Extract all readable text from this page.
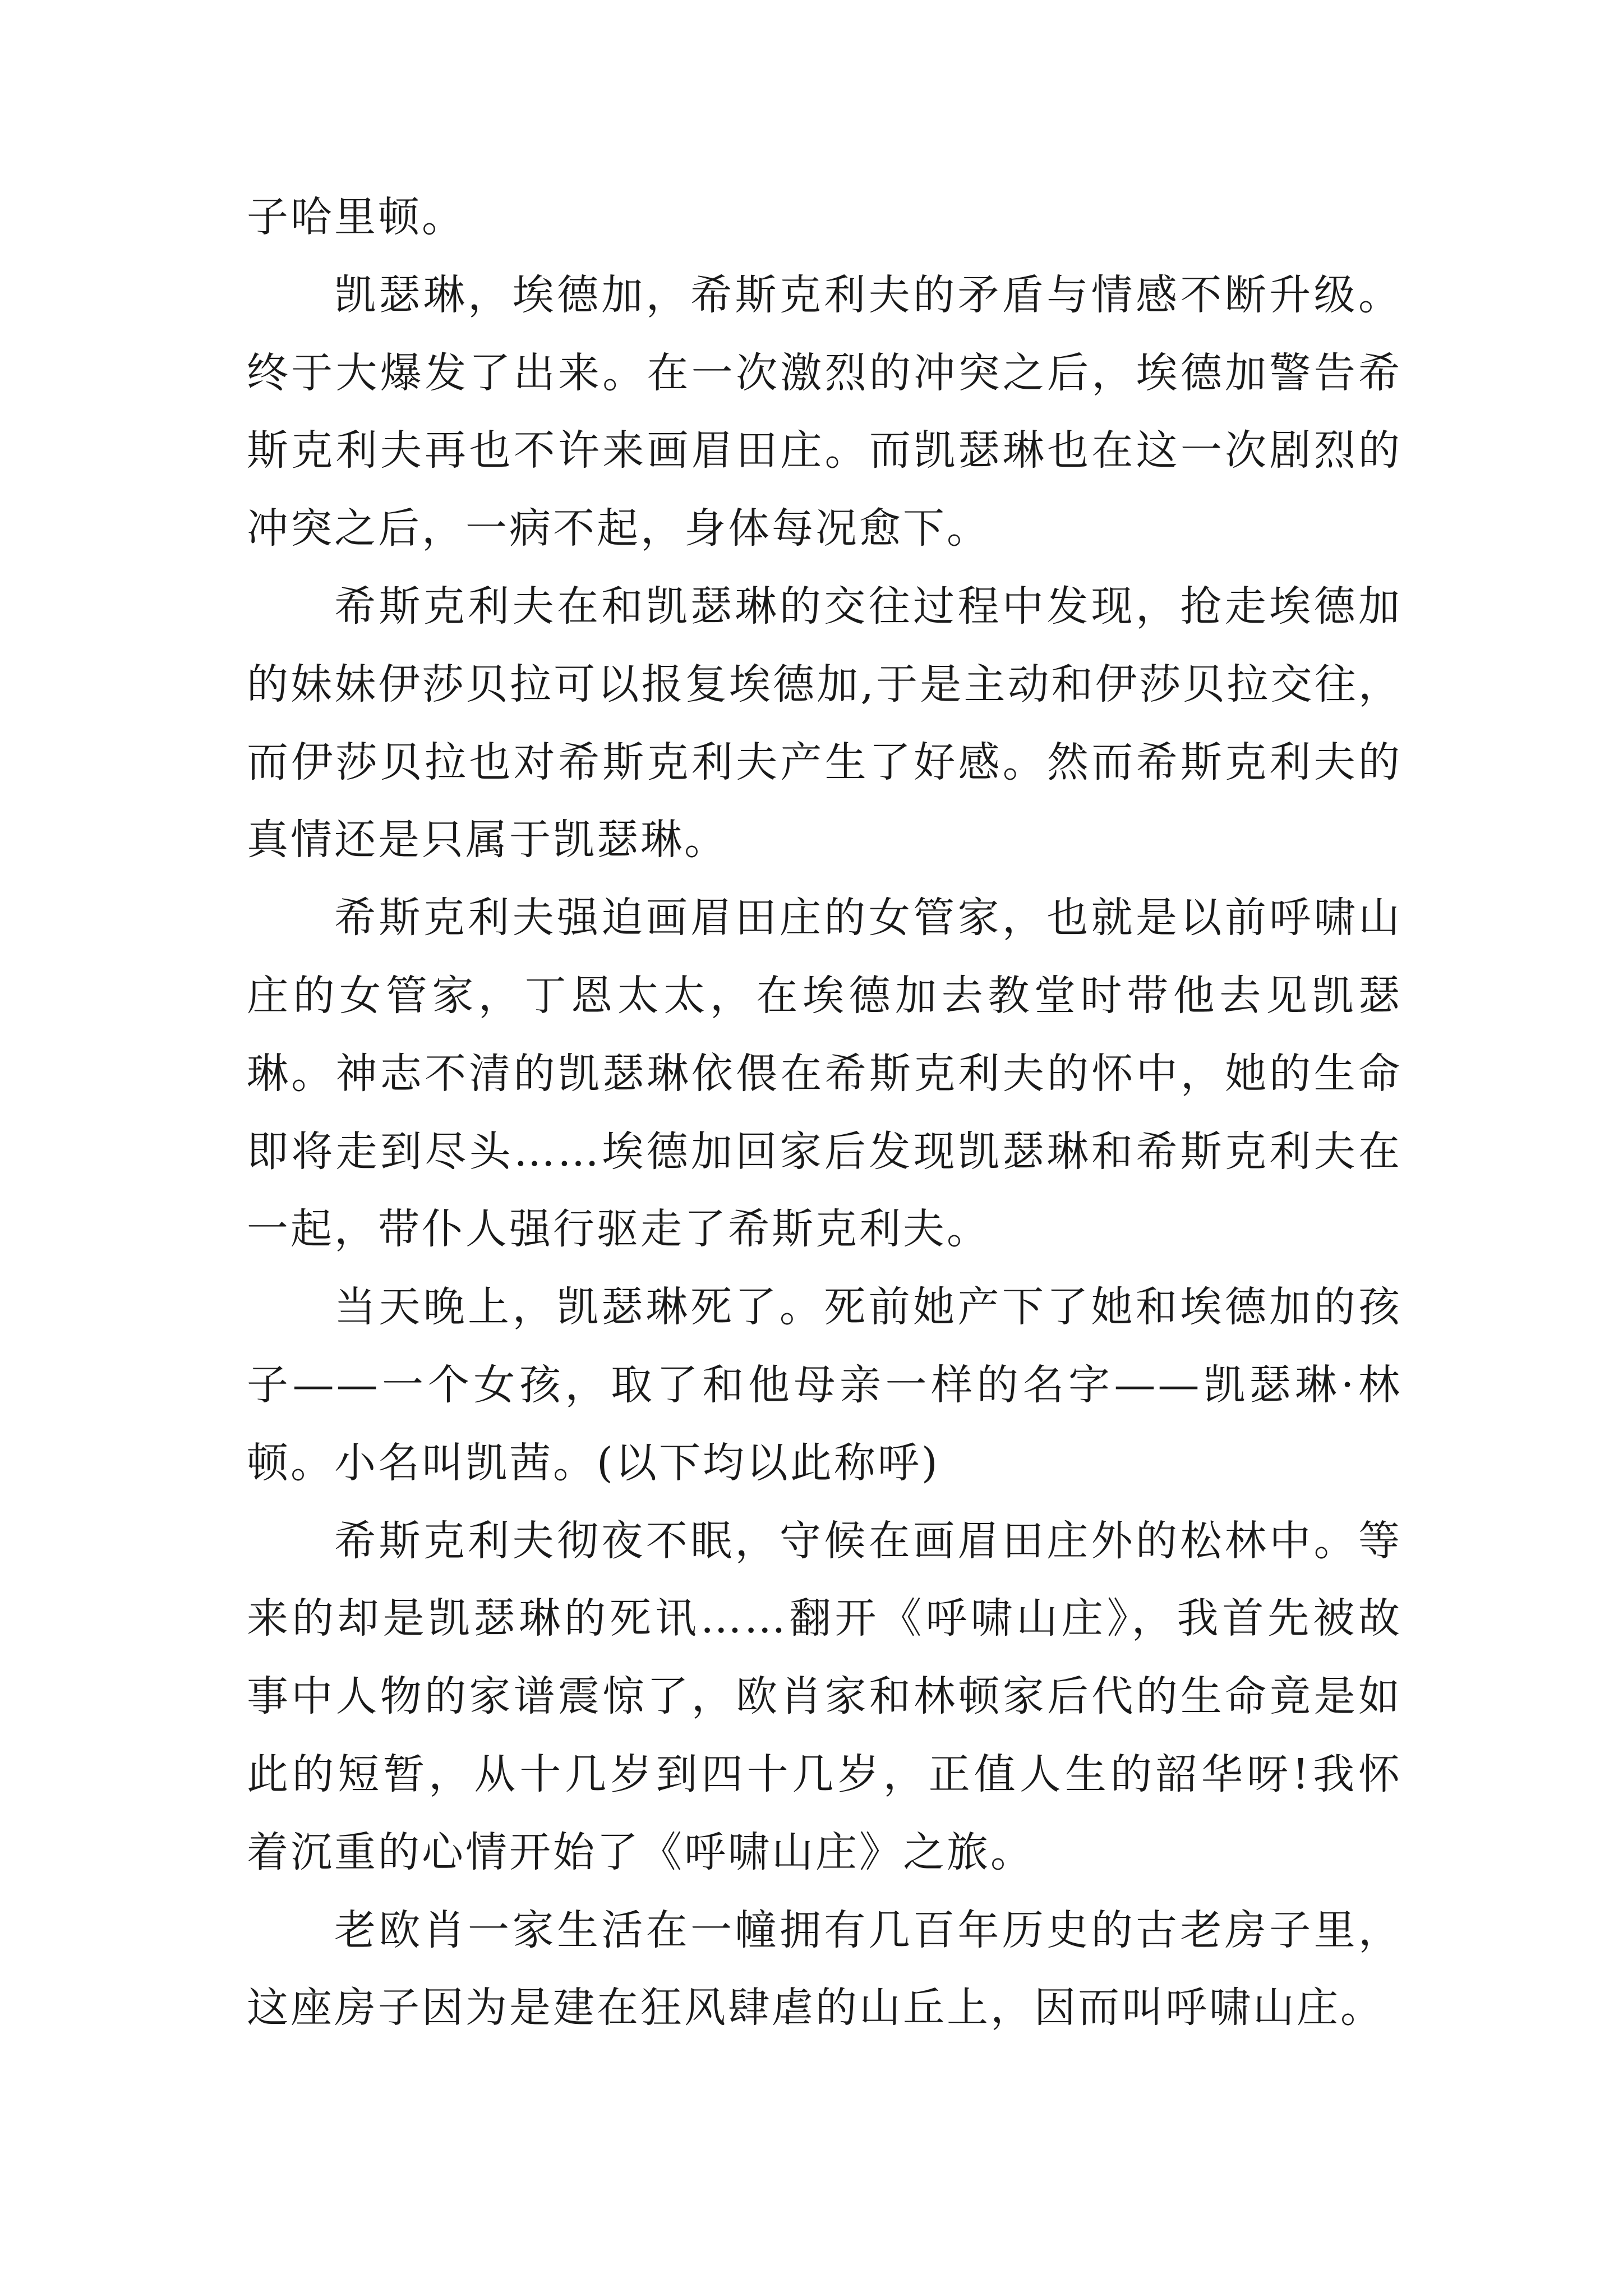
子哈里顿。

凯瑟琳，埃德加，希斯克利夫的矛盾与情感不断升级。终于大爆发了出来。在一次激烈的冲突之后，埃德加警告希斯克利夫再也不许来画眉田庄。而凯瑟琳也在这一次剧烈的冲突之后，一病不起，身体每况愈下。

希斯克利夫在和凯瑟琳的交往过程中发现，抢走埃德加的妹妹伊莎贝拉可以报复埃德加,于是主动和伊莎贝拉交往，而伊莎贝拉也对希斯克利夫产生了好感。然而希斯克利夫的真情还是只属于凯瑟琳。

希斯克利夫强迫画眉田庄的女管家，也就是以前呼啸山庄的女管家，丁恩太太，在埃德加去教堂时带他去见凯瑟琳。神志不清的凯瑟琳依偎在希斯克利夫的怀中，她的生命即将走到尽头……埃德加回家后发现凯瑟琳和希斯克利夫在一起，带仆人强行驱走了希斯克利夫。

当天晚上，凯瑟琳死了。死前她产下了她和埃德加的孩子——一个女孩，取了和他母亲一样的名字——凯瑟琳·林顿。小名叫凯茜。(以下均以此称呼)

希斯克利夫彻夜不眠，守候在画眉田庄外的松林中。等来的却是凯瑟琳的死讯……翻开《呼啸山庄》，我首先被故事中人物的家谱震惊了，欧肖家和林顿家后代的生命竟是如此的短暂，从十几岁到四十几岁，正值人生的韶华呀!我怀着沉重的心情开始了《呼啸山庄》之旅。

老欧肖一家生活在一幢拥有几百年历史的古老房子里，这座房子因为是建在狂风肆虐的山丘上，因而叫呼啸山庄。
